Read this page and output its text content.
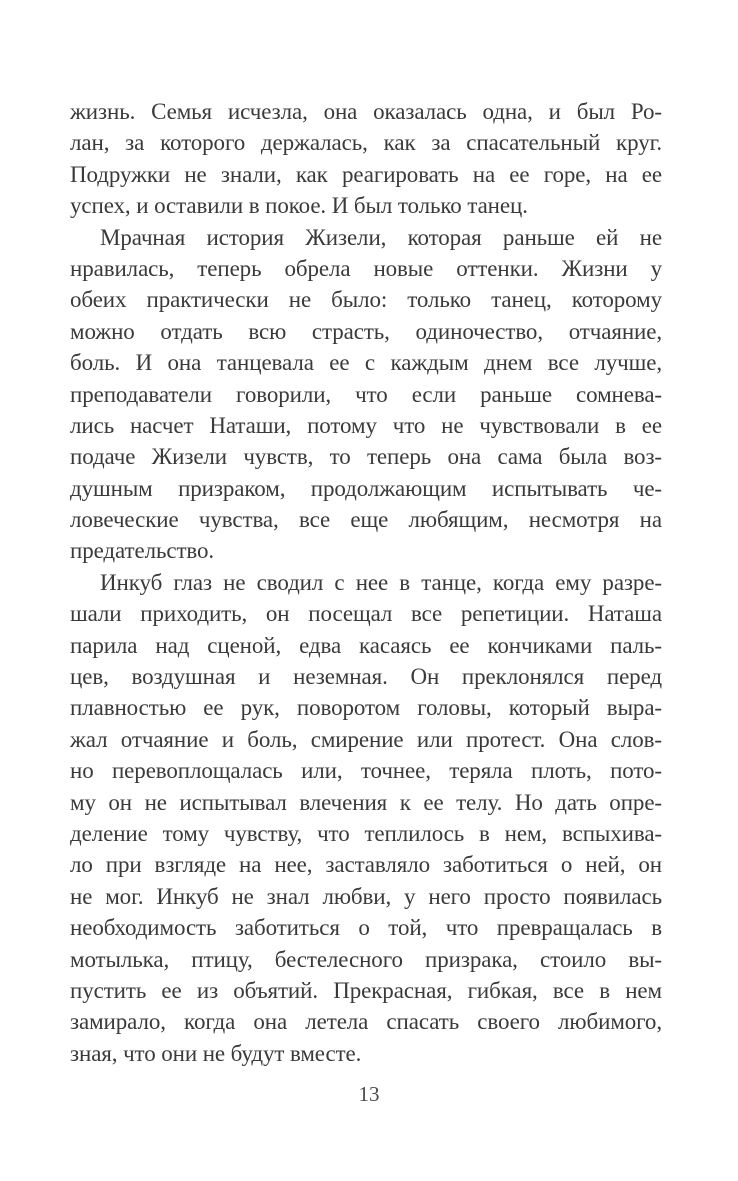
жизнь. Семья исчезла, она оказалась одна, и был Ро-
лан, за которого держалась, как за спасательный круг.
Подружки не знали, как реагировать на ее горе, на ее
успех, и оставили в покое. И был только танец.
Мрачная история Жизели, которая раньше ей не
нравилась, теперь обрела новые оттенки. Жизни у
обеих практически не было: только танец, которому
можно отдать всю страсть, одиночество, отчаяние,
боль. И она танцевала ее с каждым днем все лучше,
преподаватели говорили, что если раньше сомнева-
лись насчет Наташи, потому что не чувствовали в ее
подаче Жизели чувств, то теперь она сама была воз-
душным призраком, продолжающим испытывать че-
ловеческие чувства, все еще любящим, несмотря на
предательство.
Инкуб глаз не сводил с нее в танце, когда ему разре-
шали приходить, он посещал все репетиции. Наташа
парила над сценой, едва касаясь ее кончиками паль-
цев, воздушная и неземная. Он преклонялся перед
плавностью ее рук, поворотом головы, который выра-
жал отчаяние и боль, смирение или протест. Она слов-
но перевоплощалась или, точнее, теряла плоть, пото-
му он не испытывал влечения к ее телу. Но дать опре-
деление тому чувству, что теплилось в нем, вспыхива-
ло при взгляде на нее, заставляло заботиться о ней, он
не мог. Инкуб не знал любви, у него просто появилась
необходимость заботиться о той, что превращалась в
мотылька, птицу, бестелесного призрака, стоило вы-
пустить ее из объятий. Прекрасная, гибкая, все в нем
замирало, когда она летела спасать своего любимого,
зная, что они не будут вместе.
13
